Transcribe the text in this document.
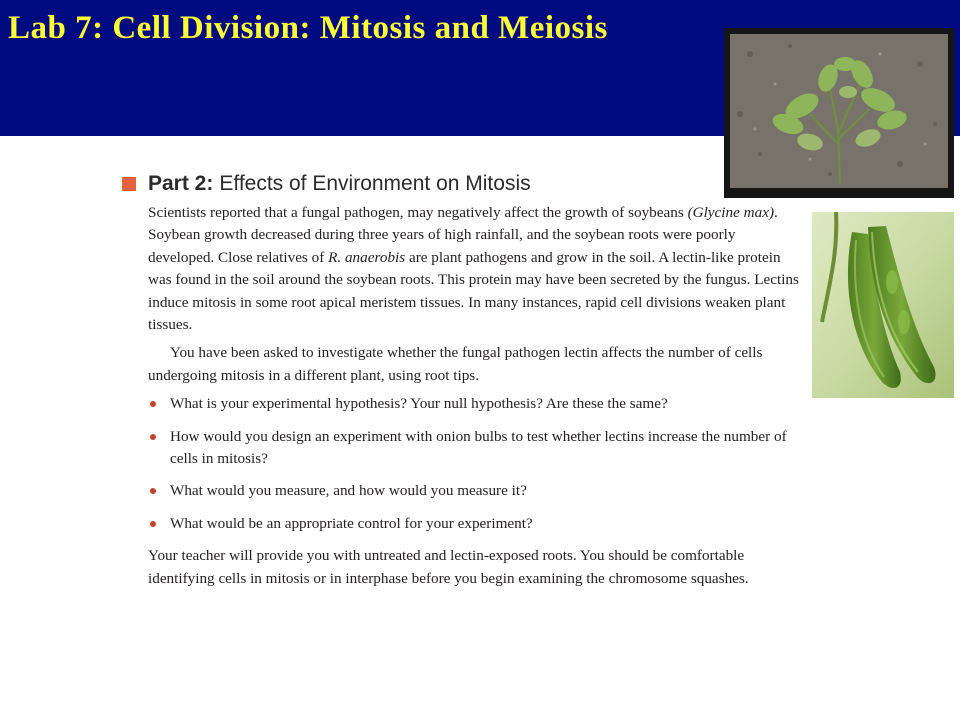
Lab 7: Cell Division: Mitosis and Meiosis
Part 2: Effects of Environment on Mitosis

Scientists reported that a fungal pathogen, may negatively affect the growth of soybeans (Glycine max). Soybean growth decreased during three years of high rainfall, and the soybean roots were poorly developed. Close relatives of R. anaerobis are plant pathogens and grow in the soil. A lectin-like protein was found in the soil around the soybean roots. This protein may have been secreted by the fungus. Lectins induce mitosis in some root apical meristem tissues. In many instances, rapid cell divisions weaken plant tissues.

You have been asked to investigate whether the fungal pathogen lectin affects the number of cells undergoing mitosis in a different plant, using root tips.

What is your experimental hypothesis? Your null hypothesis? Are these the same?
How would you design an experiment with onion bulbs to test whether lectins increase the number of cells in mitosis?
What would you measure, and how would you measure it?
What would be an appropriate control for your experiment?

Your teacher will provide you with untreated and lectin-exposed roots. You should be comfortable identifying cells in mitosis or in interphase before you begin examining the chromosome squashes.
